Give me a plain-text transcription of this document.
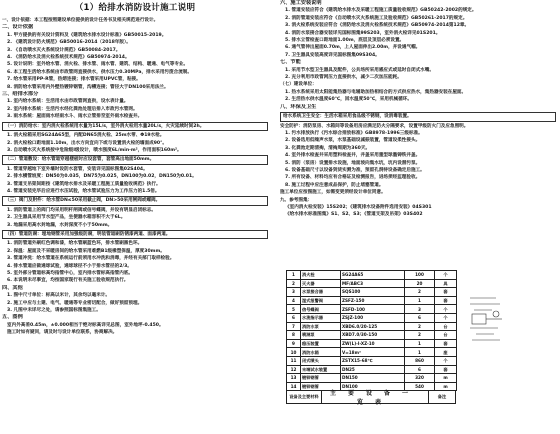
（1）给排水消防设计施工说明
一、设计依据：本工程按照建设单位提供的设计任务书及相关规范进行设计。
二、设计依据
1. 甲方提供的有关设计资料及《建筑给水排水设计标准》GB50015-2019。
2. 《建筑设计防火规范》GB50016-2014（2018年版）。
3. 《自动喷水灭火系统设计规范》GB50084-2017。
4. 《消防给水及消火栓系统技术规范》GB50974-2014。
5. 设计说明：室外给水管、消火栓、排水管、雨水管、建筑、结构、暖通、电气等专业。
6. 本工程生活给水系统由市政管网直接供水，供水压力0.30MPa，排水采用污废合流制。
7. 给水管采用PP-R管，热熔连接；排水管采用UPVC管，粘接。
8. 消防给水管采用内外壁热镀锌钢管，沟槽连接；管径大于DN100采用法兰。
三、给排水部分
1. 室内给水系统：生活用水由市政管网直供，设水表计量。
2. 室内排水系统：生活污水经化粪池处理后排入市政污水管网。
3. 雨水系统：屋面雨水经雨水斗、雨水立管排至室外雨水检查井。
（一）消防给水：室内消火栓系统用水量为15L/s，室外消火栓用水量20L/s，火灾延续时间2h。
1. 消火栓箱采用SG24A65型，内配DN65消火栓、25m水带、Φ19水枪。
2. 消火栓栓口距地面1.10m，出水方向宜向下或与设置消火栓的墙面成90°。
3. 自动喷水灭火系统按中危险级Ⅰ级设计，喷水强度6L/min·m²，作用面积160m²。
（二）管道敷设：给水管道穿越楼板时应设套管，套管高出地面50mm。
1. 管道穿越地下室外墙时设防水套管，安装详见国标图集02S404。
2. 排水横管坡度：DN50为0.035，DN75为0.025，DN100为0.02，DN150为0.01。
3. 管道支吊架间距按《建筑给水排水及采暖工程施工质量验收规范》执行。
4. 管道安装完毕后应进行水压试验，给水管试验压力为工作压力的1.5倍。
（三）阀门及附件：给水管DN≤50采用截止阀，DN>50采用闸阀或蝶阀。
1. 消防管道上的阀门均采用明杆闸阀或信号蝶阀，并设有明显启闭标志。
2. 卫生器具采用节水型产品，坐便器水箱容积不大于6L。
3. 地漏采用高水封地漏，水封深度不小于50mm。
（四）管道防腐：埋地钢管采用加强级防腐，明装管道刷防锈漆两道、面漆两道。
1. 消防管道外刷红色调和漆，给水管刷蓝色环，排水管刷黑色环。
2. 保温：屋面及不采暖房间的给水管采用难燃B1级橡塑保温，厚度30mm。
3. 管道冲洗：给水管道在系统运行前须用水冲洗和消毒，并经有关部门取样检验。
4. 排水管道应做通球试验，通球球径不小于排水管径的2/3。
5. 室外部分管道标高均指管中心，室内排水管标高指管内底。
6. 本说明未尽事宜，均按国家现行有关施工验收规范执行。
四、其他
1. 图中尺寸单位：标高以米计，其余均以毫米计。
2. 施工中应与土建、电气、暖通等专业密切配合，做好预留预埋。
3. 凡图中未详尽之处，请参照国标图集施工。
五、图例
室内外高差0.45m，±0.000相当于绝对标高详见总图，室外地坪-0.450。
施工时如有疑问，请及时与设计单位联系，协商解决。
六、施工安装说明
1. 管道安装应符合《建筑给水排水及采暖工程施工质量验收规范》GB50242-2002的规定。
2. 消防管道安装应符合《自动喷水灭火系统施工及验收规范》GB50261-2017的规定。
3. 消火栓系统安装应符合《消防给水及消火栓系统技术规范》GB50974-2014第12章。
4. 消防水泵接合器安装详见国标图集99S203，室外消火栓详见01S201。
5. 排水立管检查口距地面1.00m，底层及顶层必须设置。
6. 通气管伸出屋面0.70m，上人屋面伸出2.00m，并设通气帽。
7. 卫生器具安装高度详见国标图集09S304。
七、节能
1. 采用节水型卫生器具及配件，公共场所采用感应式或延时自闭式水嘴。
2. 充分利用市政管网压力直接供水，减少二次加压能耗。
（七）建设单位：
1. 热水系统采用太阳能集热器与电辅助加热相结合的方式供应热水，集热器安装在屋面。
2. 生活热水供水温度60℃，回水温度50℃，采用机械循环。
八、环保及卫生
给水系统卫生安全：生活水箱采用食品级不锈钢，设消毒装置。
安全防护：消防泵房、水箱间等设备用房应满足防火分隔要求，设置甲级防火门及应急照明。
1. 污水排放执行《污水综合排放标准》GB8978-1996三级标准。
2. 设备选用低噪声水泵，水泵基础设减振装置，管道设柔性接头。
3. 化粪池定期清掏，清掏周期为360天。
4. 室外排水检查井采用塑料检查井，井盖采用重型球墨铸铁井盖。
5. 消防（泵房）设置排水设施，地面坡向集水坑，坑内设潜污泵。
6. 设备基础尺寸以设备到货实测为准，预留孔洞待设备确定后施工。
7. 所有设备、材料均应有合格证及检测报告，进场须经监理验收。
8. 施工过程中应注意成品保护，防止堵塞管道。
施工单位应按图施工，如需变更须经设计单位同意。
九、参考图集：
《室内消火栓安装》15S202；《建筑排水设备附件选用安装》04S301
《给水排水标准图集》S1、S2、S3；《管道支架及吊架》03S402
1	消火栓	SG24A65	100	个
2	灭火器	MF/ABC3	20	具
3	水泵接合器	SQS100	2	套
4	湿式报警阀	ZSFZ-150	1	套
5	信号蝶阀	ZSFD-100	3	个
6	水流指示器	ZSJZ-100	6	个
7	消防水泵	XBD6.0/20-125	2	台
8	喷淋泵	XBD7.0/30-150	2	台
9	稳压装置	ZW(L)-I-XZ-10	1	套
10	消防水箱	V=18m³	1	座
11	闭式喷头	ZSTX15-68℃	860	个
12	末端试水装置	DN25	6	套
13	镀锌钢管	DN150	320	m
14	镀锌钢管	DN100	540	m
设备及主要材料	主要设备一览表
备注
